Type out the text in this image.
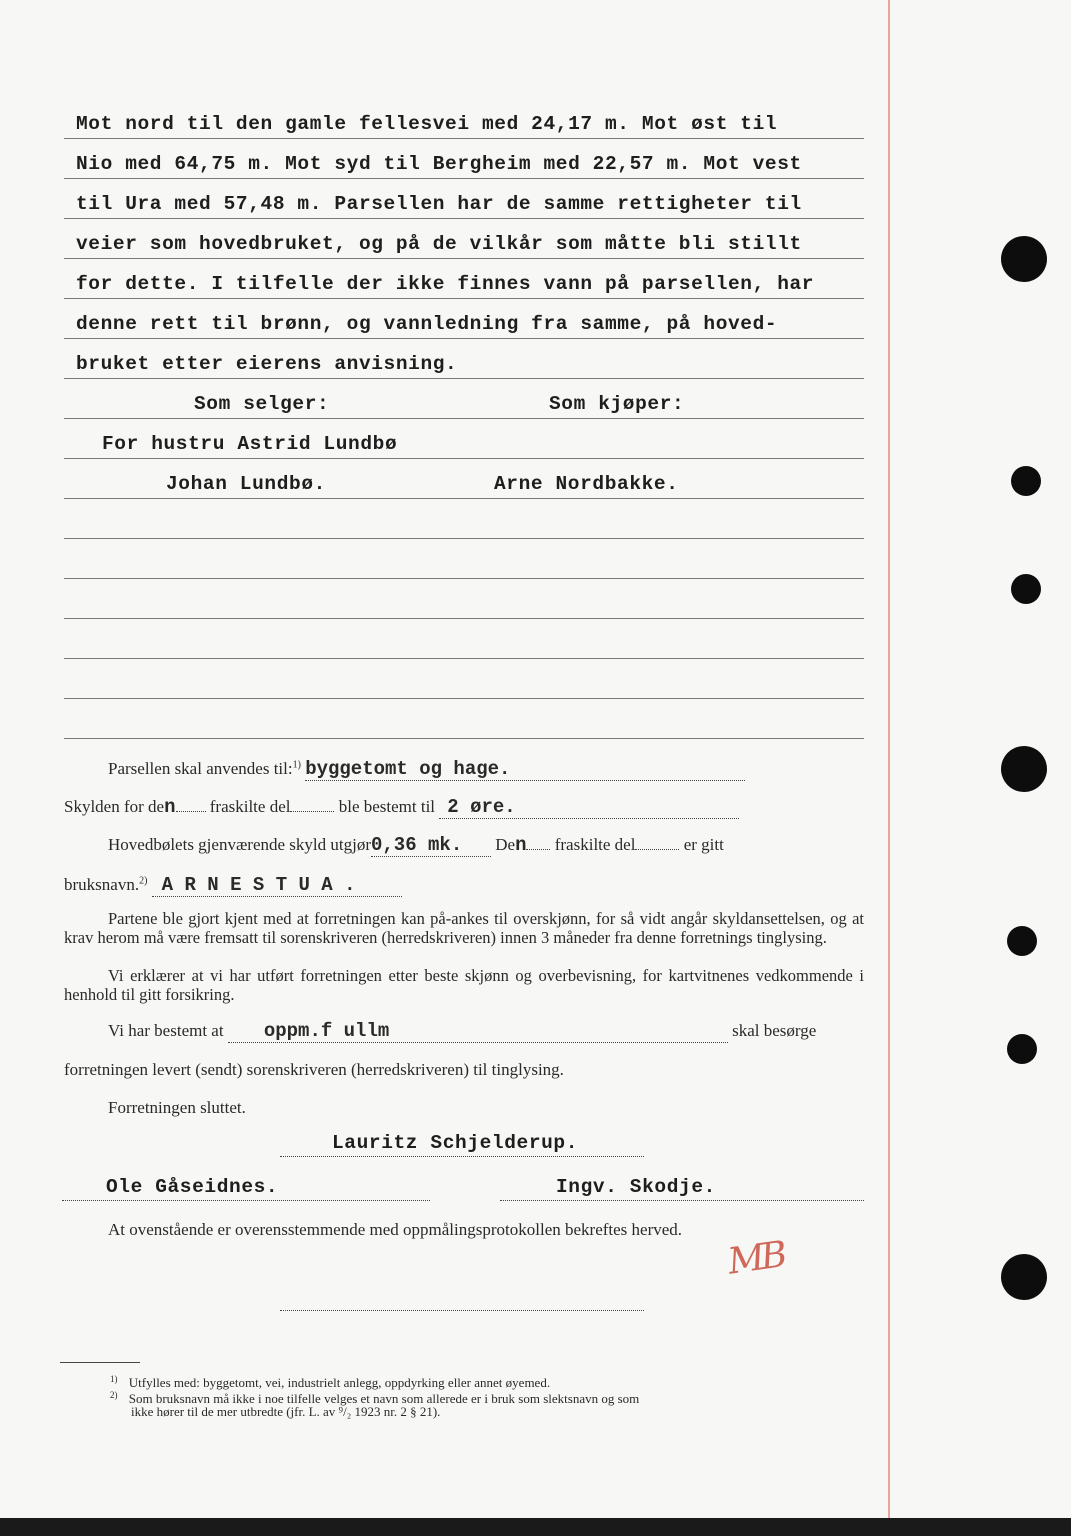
Mot nord til den gamle fellesvei med 24,17 m. Mot øst til
Nio med 64,75 m. Mot syd til Bergheim med 22,57 m. Mot vest
til Ura med 57,48 m. Parsellen har de samme rettigheter til
veier som hovedbruket, og på de vilkår som måtte bli stillt
for dette. I tilfelle der ikke finnes vann på parsellen, har
denne rett til brønn, og vannledning fra samme, på hoved-
bruket etter eierens anvisning.
Som selger:	Som kjøper:
For hustru Astrid Lundbø
Johan Lundbø.	Arne Nordbakke.
Parsellen skal anvendes til:$^{1)}$ byggetomt og hage.
Skylden for den fraskilte del	ble bestemt til 2 øre.
Hovedbølets gjenværende skyld utgjør0,36 mk. Den fraskilte del	er gitt
bruksnavn.$^{2)}$ A R N E S T U A .
Partene ble gjort kjent med at forretningen kan på-ankes til overskjønn, for så vidt angår skyldansettelsen, og at krav herom må være fremsatt til sorenskriveren (herredskriveren) innen 3 måneder fra denne forretnings tinglysing.
Vi erklærer at vi har utført forretningen etter beste skjønn og overbevisning, for kartvitnenes vedkommende i henhold til gitt forsikring.
Vi har bestemt at oppm.f ullm	skal besørge
forretningen levert (sendt) sorenskriveren (herredskriveren) til tinglysing.
Forretningen sluttet.
Lauritz Schjelderup.
Ole Gåseidnes.	Ingv. Skodje.
At ovenstående er overensstemmende med oppmålingsprotokollen bekreftes herved.
MB
$^{1)}$ Utfylles med: byggetomt, vei, industrielt anlegg, oppdyrking eller annet øyemed.
$^{2)}$ Som bruksnavn må ikke i noe tilfelle velges et navn som allerede er i bruk som slektsnavn og som
ikke hører til de mer utbredte (jfr. L. av ⁹/₂ 1923 nr. 2 § 21).
